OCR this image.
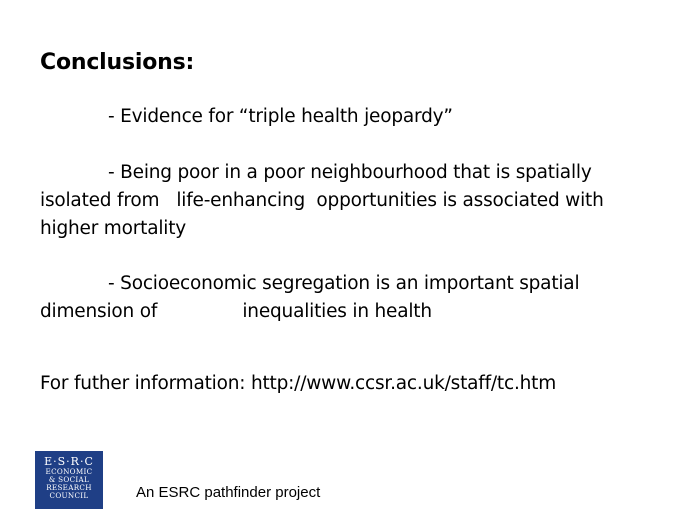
Conclusions:
- Evidence for “triple health jeopardy”
- Being poor in a poor neighbourhood that is spatially
isolated from   life-enhancing  opportunities is associated with
higher mortality
- Socioeconomic segregation is an important spatial
dimension of               inequalities in health
For futher information: http://www.ccsr.ac.uk/staff/tc.htm
E·S·R·C
ECONOMIC
& SOCIAL
RESEARCH
COUNCIL	An ESRC pathfinder project
